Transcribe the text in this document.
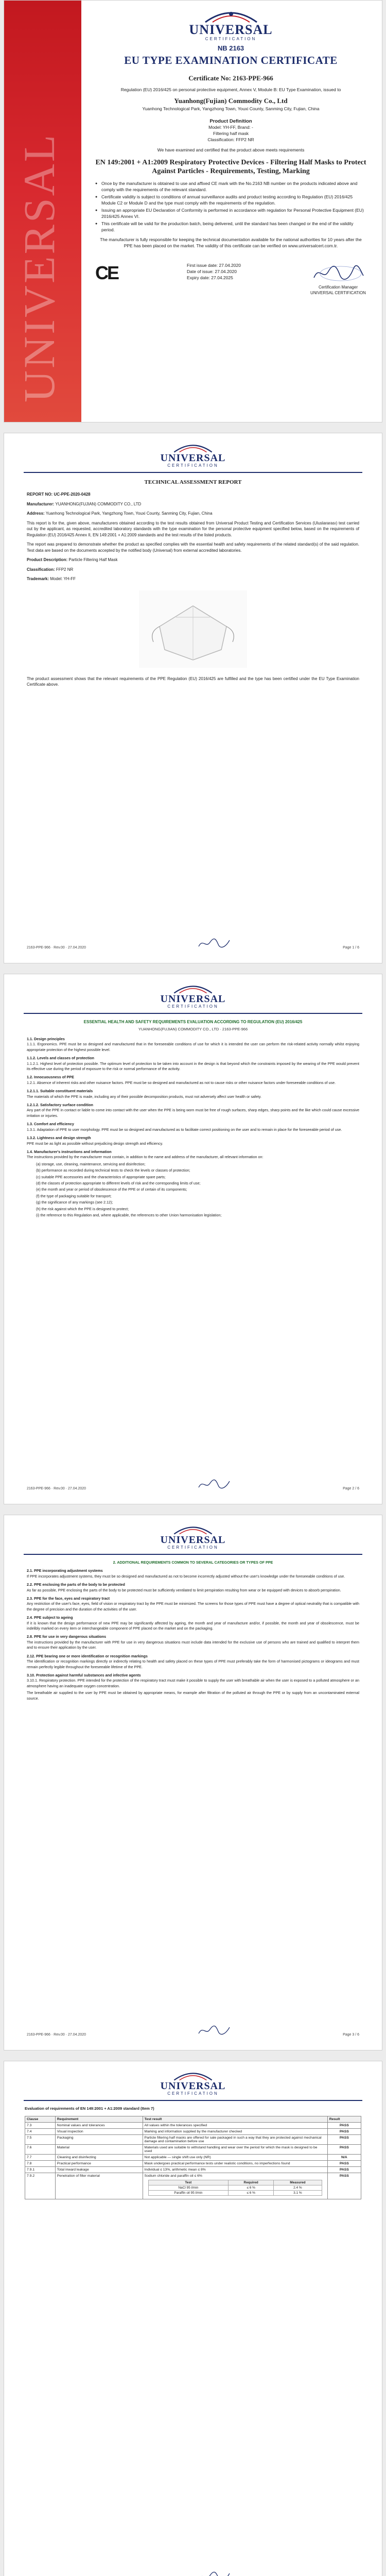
UNIVERSAL
UNIVERSAL
CERTIFICATION
NB 2163
EU TYPE EXAMINATION CERTIFICATE
Certificate No: 2163-PPE-966
Regulation (EU) 2016/425 on personal protective equipment, Annex V, Module B: EU Type Examination, issued to
Yuanhong(Fujian) Commodity Co., Ltd
Yuanhong Technological Park, Yangzhong Town, Youxi County, Sanming City, Fujian, China
Product Definition
Model: YH-FF, Brand: -
Filtering half mask
Classification: FFP2 NR
We have examined and certified that the product above meets requirements
EN 149:2001 + A1:2009 Respiratory Protective Devices - Filtering Half Masks to Protect Against Particles - Requirements, Testing, Marking
● Once by the manufacturer is obtained to use and affixed CE mark with the No.2163 NB number on the products indicated above and comply with the requirements of the relevant standard.
● Certificate validity is subject to conditions of annual surveillance audits and product testing according to Regulation (EU) 2016/425 Module C2 or Module D and the type must comply with the requirements of the regulation.
● Issuing an appropriate EU Declaration of Conformity is performed in accordance with regulation for Personal Protective Equipment (EU) 2016/425 Annex VI.
● This certificate will be valid for the production batch, being delivered, until the standard has been changed or the end of the validity period.
The manufacturer is fully responsible for keeping the technical documentation available for the national authorities for 10 years after the PPE has been placed on the market. The validity of this certificate can be verified on www.universalcert.com.tr.
CE	First issue date: 27.04.2020
Date of issue: 27.04.2020
Expiry date: 27.04.2025
Certification Manager
UNIVERSAL CERTIFICATION
UNIVERSAL
CERTIFICATION
TECHNICAL ASSESSMENT REPORT

REPORT NO: UC-PPE-2020-0428

Manufacturer: YUANHONG(FUJIAN) COMMODITY CO., LTD

Address: Yuanhong Technological Park, Yangzhong Town, Youxi County, Sanming City, Fujian, China

This report is for the, given above, manufacturers obtained according to the test results obtained from Universal Product Testing and Certification Services (Uluslararası) test carried out by the applicant, as requested, accredited laboratory standards with the type examination for the personal protective equipment specified below, based on the requirements of Regulation (EU) 2016/425 Annex II, EN 149:2001 + A1:2009 standards and the test results of the listed products.

The report was prepared to demonstrate whether the product as specified complies with the essential health and safety requirements of the related standard(s) of the said regulation. Test data are based on the documents accepted by the notified body (Universal) from external accredited laboratories.

Product Description: Particle Filtering Half Mask

Classification: FFP2 NR

Trademark: Model: YH-FF

The product assessment shows that the relevant requirements of the PPE Regulation (EU) 2016/425 are fulfilled and the type has been certified under the EU Type Examination Certificate above.

2163-PPE-966 · Rev.00 · 27.04.2020	Page 1 / 6
UNIVERSAL
CERTIFICATION
ESSENTIAL HEALTH AND SAFETY REQUIREMENTS EVALUATION ACCORDING TO REGULATION (EU) 2016/425
YUANHONG(FUJIAN) COMMODITY CO., LTD · 2163-PPE-966
1.1. Design principles

1.1.1. Ergonomics. PPE must be so designed and manufactured that in the foreseeable conditions of use for which it is intended the user can perform the risk-related activity normally whilst enjoying appropriate protection of the highest possible level.

1.1.2. Levels and classes of protection

1.1.2.1. Highest level of protection possible. The optimum level of protection to be taken into account in the design is that beyond which the constraints imposed by the wearing of the PPE would prevent its effective use during the period of exposure to the risk or normal performance of the activity.

1.2. Innocuousness of PPE

1.2.1. Absence of inherent risks and other nuisance factors. PPE must be so designed and manufactured as not to cause risks or other nuisance factors under foreseeable conditions of use.

1.2.1.1. Suitable constituent materials

The materials of which the PPE is made, including any of their possible decomposition products, must not adversely affect user health or safety.

1.2.1.2. Satisfactory surface condition

Any part of the PPE in contact or liable to come into contact with the user when the PPE is being worn must be free of rough surfaces, sharp edges, sharp points and the like which could cause excessive irritation or injuries.

1.3. Comfort and efficiency

1.3.1. Adaptation of PPE to user morphology. PPE must be so designed and manufactured as to facilitate correct positioning on the user and to remain in place for the foreseeable period of use.

1.3.2. Lightness and design strength

PPE must be as light as possible without prejudicing design strength and efficiency.

1.4. Manufacturer's instructions and information

The instructions provided by the manufacturer must contain, in addition to the name and address of the manufacturer, all relevant information on:

(a) storage, use, cleaning, maintenance, servicing and disinfection;
(b) performance as recorded during technical tests to check the levels or classes of protection;
(c) suitable PPE accessories and the characteristics of appropriate spare parts;
(d) the classes of protection appropriate to different levels of risk and the corresponding limits of use;
(e) the month and year or period of obsolescence of the PPE or of certain of its components;
(f) the type of packaging suitable for transport;
(g) the significance of any markings (see 2.12);
(h) the risk against which the PPE is designed to protect;
(i) the reference to this Regulation and, where applicable, the references to other Union harmonisation legislation;
2163-PPE-966 · Rev.00 · 27.04.2020	Page 2 / 6
UNIVERSAL
CERTIFICATION
2. ADDITIONAL REQUIREMENTS COMMON TO SEVERAL CATEGORIES OR TYPES OF PPE
2.1. PPE incorporating adjustment systems

If PPE incorporates adjustment systems, they must be so designed and manufactured as not to become incorrectly adjusted without the user's knowledge under the foreseeable conditions of use.

2.2. PPE enclosing the parts of the body to be protected

As far as possible, PPE enclosing the parts of the body to be protected must be sufficiently ventilated to limit perspiration resulting from wear or be equipped with devices to absorb perspiration.

2.3. PPE for the face, eyes and respiratory tract

Any restriction of the user's face, eyes, field of vision or respiratory tract by the PPE must be minimized. The screens for those types of PPE must have a degree of optical neutrality that is compatible with the degree of precision and the duration of the activities of the user.

2.4. PPE subject to ageing

If it is known that the design performance of new PPE may be significantly affected by ageing, the month and year of manufacture and/or, if possible, the month and year of obsolescence, must be indelibly marked on every item or interchangeable component of PPE placed on the market and on the packaging.

2.8. PPE for use in very dangerous situations

The instructions provided by the manufacturer with PPE for use in very dangerous situations must include data intended for the exclusive use of persons who are trained and qualified to interpret them and to ensure their application by the user.

2.12. PPE bearing one or more identification or recognition markings

The identification or recognition markings directly or indirectly relating to health and safety placed on these types of PPE must preferably take the form of harmonised pictograms or ideograms and must remain perfectly legible throughout the foreseeable lifetime of the PPE.

3.10. Protection against harmful substances and infective agents

3.10.1. Respiratory protection. PPE intended for the protection of the respiratory tract must make it possible to supply the user with breathable air when the user is exposed to a polluted atmosphere or an atmosphere having an inadequate oxygen concentration.

The breathable air supplied to the user by PPE must be obtained by appropriate means, for example after filtration of the polluted air through the PPE or by supply from an uncontaminated external source.

2163-PPE-966 · Rev.00 · 27.04.2020	Page 3 / 6
UNIVERSAL
CERTIFICATION
Evaluation of requirements of EN 149:2001 + A1:2009 standard (Item 7)
Clause	Requirement	Test result	Result
7.3	Nominal values and tolerances	All values within the tolerances specified	PASS
7.4	Visual inspection	Marking and information supplied by the manufacturer checked	PASS
7.5	Packaging	Particle filtering half masks are offered for sale packaged in such a way that they are protected against mechanical damage and contamination before use	PASS
7.6	Material	Materials used are suitable to withstand handling and wear over the period for which the mask is designed to be used	PASS
7.7	Cleaning and disinfecting	Not applicable — single shift use only (NR)	N/A
7.8	Practical performance	Mask undergoes practical performance tests under realistic conditions, no imperfections found	PASS
7.9.1	Total inward leakage	Individual ≤ 13%, arithmetic mean ≤ 8%	PASS
7.9.2	Penetration of filter material	Sodium chloride and paraffin oil ≤ 6%
Test	Required	Measured
NaCl 95 l/min	≤ 6 %	2.4 %
Paraffin oil 95 l/min	≤ 6 %	3.1 %
	PASS
